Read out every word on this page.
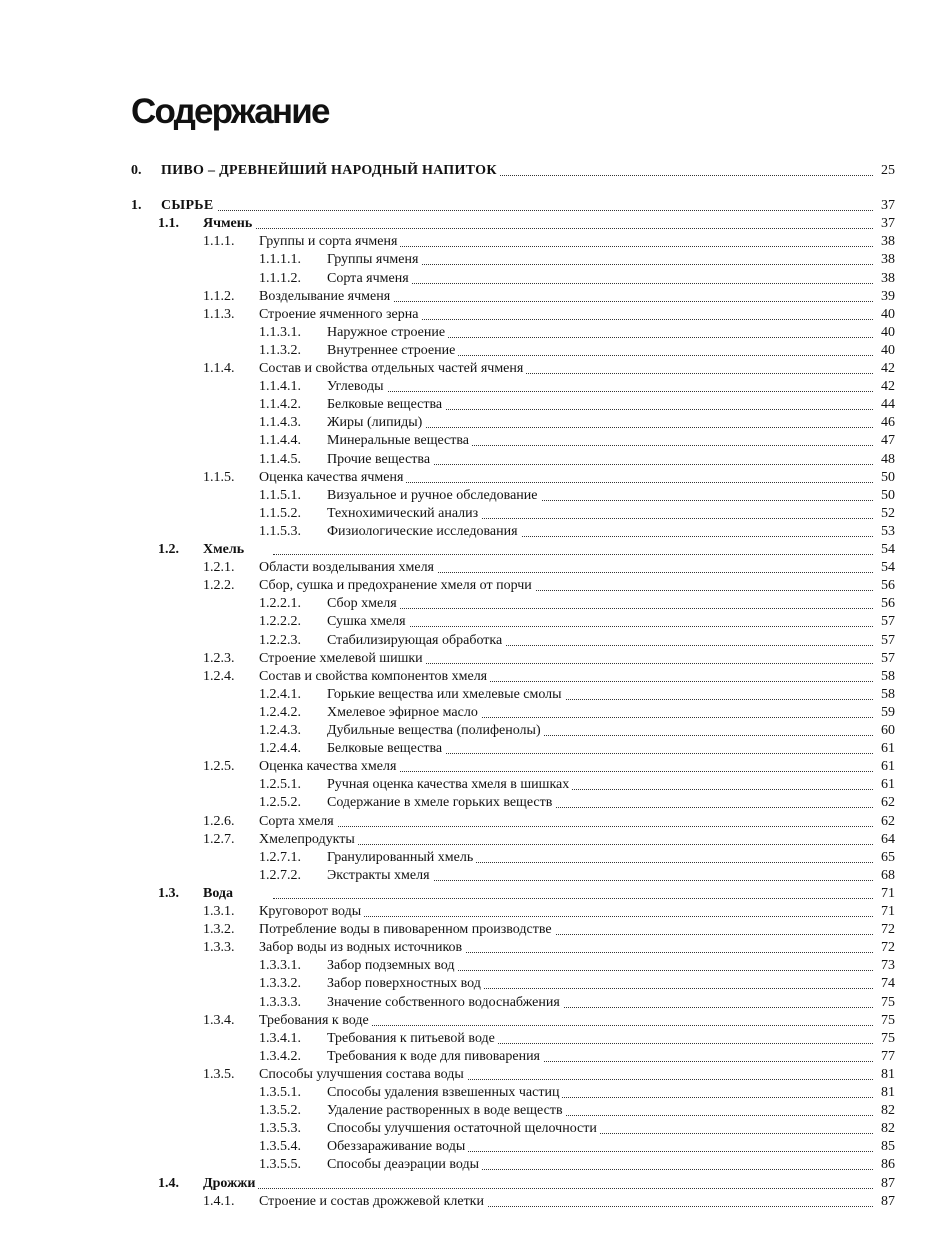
Содержание
0. ПИВО – ДРЕВНЕЙШИЙ НАРОДНЫЙ НАПИТОК	25
1. СЫРЬЕ	37
1.1. Ячмень	37
1.1.1. Группы и сорта ячменя	38
1.1.1.1. Группы ячменя	38
1.1.1.2. Сорта ячменя	38
1.1.2. Возделывание ячменя	39
1.1.3. Строение ячменного зерна	40
1.1.3.1. Наружное строение	40
1.1.3.2. Внутреннее строение	40
1.1.4. Состав и свойства отдельных частей ячменя	42
1.1.4.1. Углеводы	42
1.1.4.2. Белковые вещества	44
1.1.4.3. Жиры (липиды)	46
1.1.4.4. Минеральные вещества	47
1.1.4.5. Прочие вещества	48
1.1.5. Оценка качества ячменя	50
1.1.5.1. Визуальное и ручное обследование	50
1.1.5.2. Технохимический анализ	52
1.1.5.3. Физиологические исследования	53
1.2. Хмель	54
1.2.1. Области возделывания хмеля	54
1.2.2. Сбор, сушка и предохранение хмеля от порчи	56
1.2.2.1. Сбор хмеля	56
1.2.2.2. Сушка хмеля	57
1.2.2.3. Стабилизирующая обработка	57
1.2.3. Строение хмелевой шишки	57
1.2.4. Состав и свойства компонентов хмеля	58
1.2.4.1. Горькие вещества или хмелевые смолы	58
1.2.4.2. Хмелевое эфирное масло	59
1.2.4.3. Дубильные вещества (полифенолы)	60
1.2.4.4. Белковые вещества	61
1.2.5. Оценка качества хмеля	61
1.2.5.1. Ручная оценка качества хмеля в шишках	61
1.2.5.2. Содержание в хмеле горьких веществ	62
1.2.6. Сорта хмеля	62
1.2.7. Хмелепродукты	64
1.2.7.1. Гранулированный хмель	65
1.2.7.2. Экстракты хмеля	68
1.3. Вода	71
1.3.1. Круговорот воды	71
1.3.2. Потребление воды в пивоваренном производстве	72
1.3.3. Забор воды из водных источников	72
1.3.3.1. Забор подземных вод	73
1.3.3.2. Забор поверхностных вод	74
1.3.3.3. Значение собственного водоснабжения	75
1.3.4. Требования к воде	75
1.3.4.1. Требования к питьевой воде	75
1.3.4.2. Требования к воде для пивоварения	77
1.3.5. Способы улучшения состава воды	81
1.3.5.1. Способы удаления взвешенных частиц	81
1.3.5.2. Удаление растворенных в воде веществ	82
1.3.5.3. Способы улучшения остаточной щелочности	82
1.3.5.4. Обеззараживание воды	85
1.3.5.5. Способы деаэрации воды	86
1.4. Дрожжи	87
1.4.1. Строение и состав дрожжевой клетки	87
